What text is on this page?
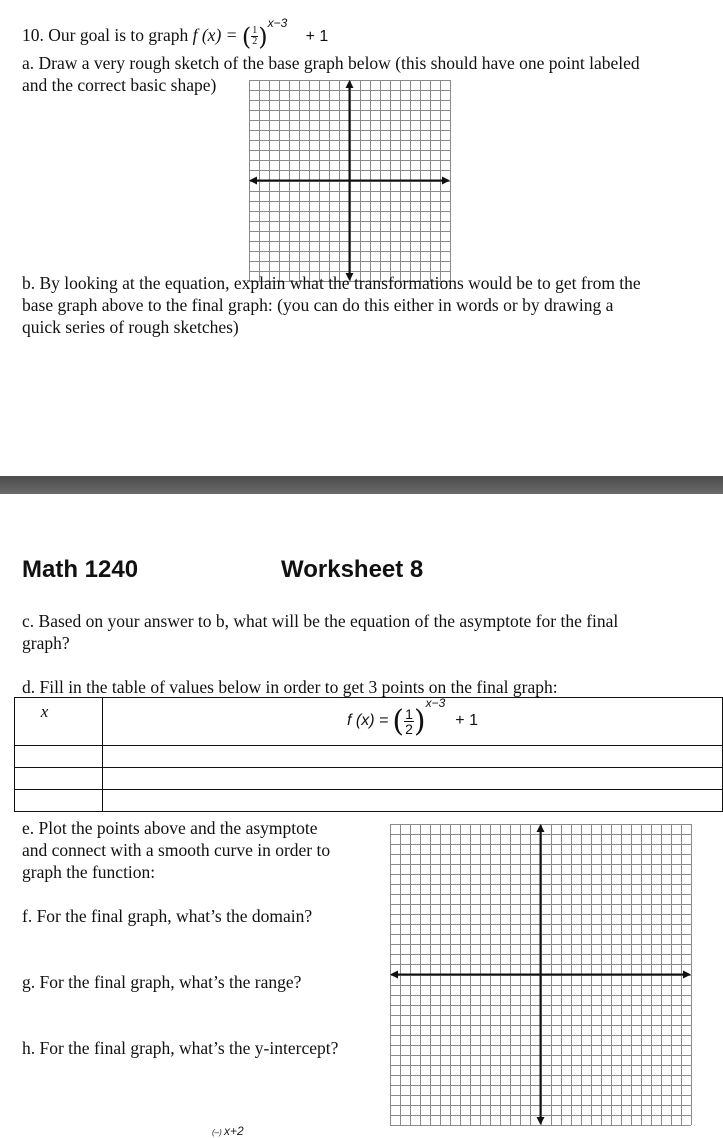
10. Our goal is to graph f (x) = ( $\frac{1}{2} )^{x-3} + 1$
a. Draw a very rough sketch of the base graph below (this should have one point labeled
and the correct basic shape)
b. By looking at the equation, explain what the transformations would be to get from the
base graph above to the final graph: (you can do this either in words or by drawing a
quick series of rough sketches)
Math 1240	Worksheet 8
c. Based on your answer to b, what will be the equation of the asymptote for the final
graph?
d. Fill in the table of values below in order to get 3 points on the final graph:
x	f (x) = ( $\frac{1}{2} )^{x-3} + 1$

e. Plot the points above and the asymptote
and connect with a smooth curve in order to
graph the function:
f. For the final graph, what’s the domain?
g. For the final graph, what’s the range?
h. For the final graph, what’s the y-intercept?
(–) x+2
